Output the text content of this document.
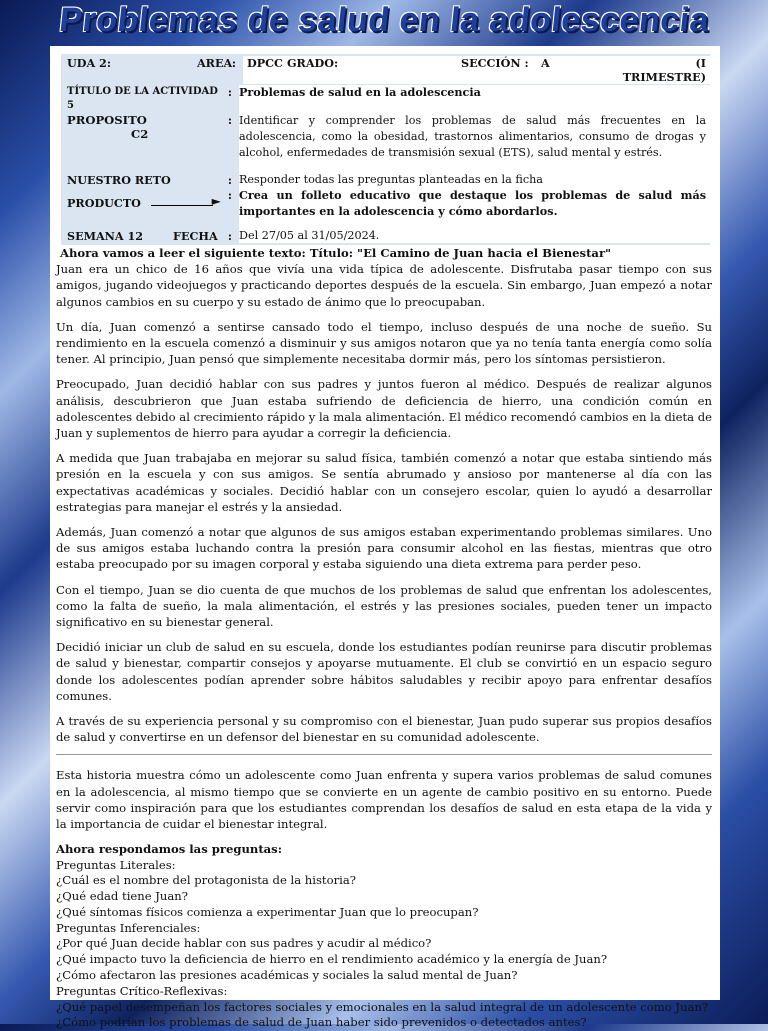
Problemas de salud en la adolescencia
UDA 2:	AREA : DPCC GRADO:	SECCIÓN :	A	(I TRIMESTRE)
TÍTULO DE LA ACTIVIDAD 5
: Problemas de salud en la adolescencia
PROPOSITO
C2
: Identificar y comprender los problemas de salud más frecuentes en la adolescencia, como la obesidad, trastornos alimentarios, consumo de drogas y alcohol, enfermedades de transmisión sexual (ETS), salud mental y estrés.
NUESTRO RETO	: Responder todas las preguntas planteadas en la ficha
PRODUCTO	► : Crea un folleto educativo que destaque los problemas de salud más importantes en la adolescencia y cómo abordarlos.
SEMANA 12	FECHA : Del 27/05 al 31/05/2024.
Ahora vamos a leer el siguiente texto: Título: "El Camino de Juan hacia el Bienestar"

Juan era un chico de 16 años que vivía una vida típica de adolescente. Disfrutaba pasar tiempo con sus amigos, jugando videojuegos y practicando deportes después de la escuela. Sin embargo, Juan empezó a notar algunos cambios en su cuerpo y su estado de ánimo que lo preocupaban.

Un día, Juan comenzó a sentirse cansado todo el tiempo, incluso después de una noche de sueño. Su rendimiento en la escuela comenzó a disminuir y sus amigos notaron que ya no tenía tanta energía como solía tener. Al principio, Juan pensó que simplemente necesitaba dormir más, pero los síntomas persistieron.

Preocupado, Juan decidió hablar con sus padres y juntos fueron al médico. Después de realizar algunos análisis, descubrieron que Juan estaba sufriendo de deficiencia de hierro, una condición común en adolescentes debido al crecimiento rápido y la mala alimentación. El médico recomendó cambios en la dieta de Juan y suplementos de hierro para ayudar a corregir la deficiencia.

A medida que Juan trabajaba en mejorar su salud física, también comenzó a notar que estaba sintiendo más presión en la escuela y con sus amigos. Se sentía abrumado y ansioso por mantenerse al día con las expectativas académicas y sociales. Decidió hablar con un consejero escolar, quien lo ayudó a desarrollar estrategias para manejar el estrés y la ansiedad.

Además, Juan comenzó a notar que algunos de sus amigos estaban experimentando problemas similares. Uno de sus amigos estaba luchando contra la presión para consumir alcohol en las fiestas, mientras que otro estaba preocupado por su imagen corporal y estaba siguiendo una dieta extrema para perder peso.

Con el tiempo, Juan se dio cuenta de que muchos de los problemas de salud que enfrentan los adolescentes, como la falta de sueño, la mala alimentación, el estrés y las presiones sociales, pueden tener un impacto significativo en su bienestar general.

Decidió iniciar un club de salud en su escuela, donde los estudiantes podían reunirse para discutir problemas de salud y bienestar, compartir consejos y apoyarse mutuamente. El club se convirtió en un espacio seguro donde los adolescentes podían aprender sobre hábitos saludables y recibir apoyo para enfrentar desafíos comunes.

A través de su experiencia personal y su compromiso con el bienestar, Juan pudo superar sus propios desafíos de salud y convertirse en un defensor del bienestar en su comunidad adolescente.

Esta historia muestra cómo un adolescente como Juan enfrenta y supera varios problemas de salud comunes en la adolescencia, al mismo tiempo que se convierte en un agente de cambio positivo en su entorno. Puede servir como inspiración para que los estudiantes comprendan los desafíos de salud en esta etapa de la vida y la importancia de cuidar el bienestar integral.

Ahora respondamos las preguntas:

Preguntas Literales:

¿Cuál es el nombre del protagonista de la historia?

¿Qué edad tiene Juan?

¿Qué síntomas físicos comienza a experimentar Juan que lo preocupan?

Preguntas Inferenciales:

¿Por qué Juan decide hablar con sus padres y acudir al médico?

¿Qué impacto tuvo la deficiencia de hierro en el rendimiento académico y la energía de Juan?

¿Cómo afectaron las presiones académicas y sociales la salud mental de Juan?

Preguntas Crítico-Reflexivas:

¿Qué papel desempeñan los factores sociales y emocionales en la salud integral de un adolescente como Juan?

¿Cómo podrían los problemas de salud de Juan haber sido prevenidos o detectados antes?
